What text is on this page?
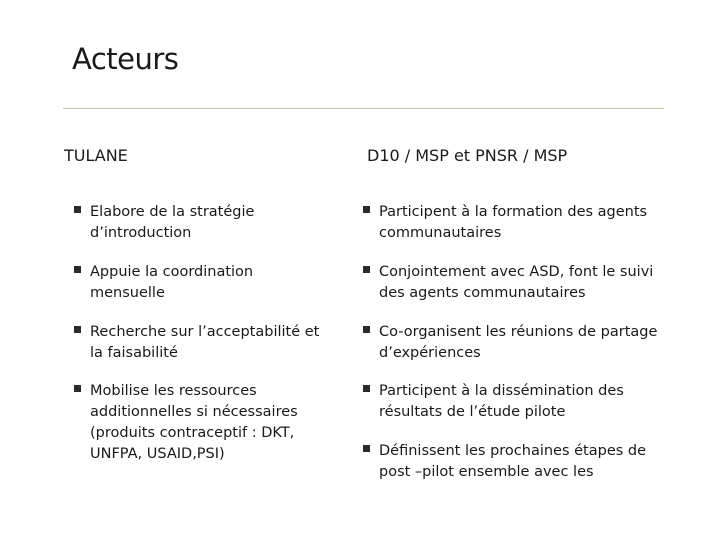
Acteurs
TULANE	D10 / MSP et PNSR / MSP
Elabore de la stratégie d’introduction
Appuie la coordination mensuelle
Recherche sur l’acceptabilité et la faisabilité
Mobilise les ressources additionnelles si nécessaires (produits contraceptif : DKT, UNFPA, USAID,PSI)
Participent à la formation des agents communautaires
Conjointement avec ASD, font le suivi des agents communautaires
Co-organisent les réunions de partage d’expériences
Participent à la dissémination des résultats de l’étude pilote
Définissent les prochaines étapes de post –pilot ensemble avec les
